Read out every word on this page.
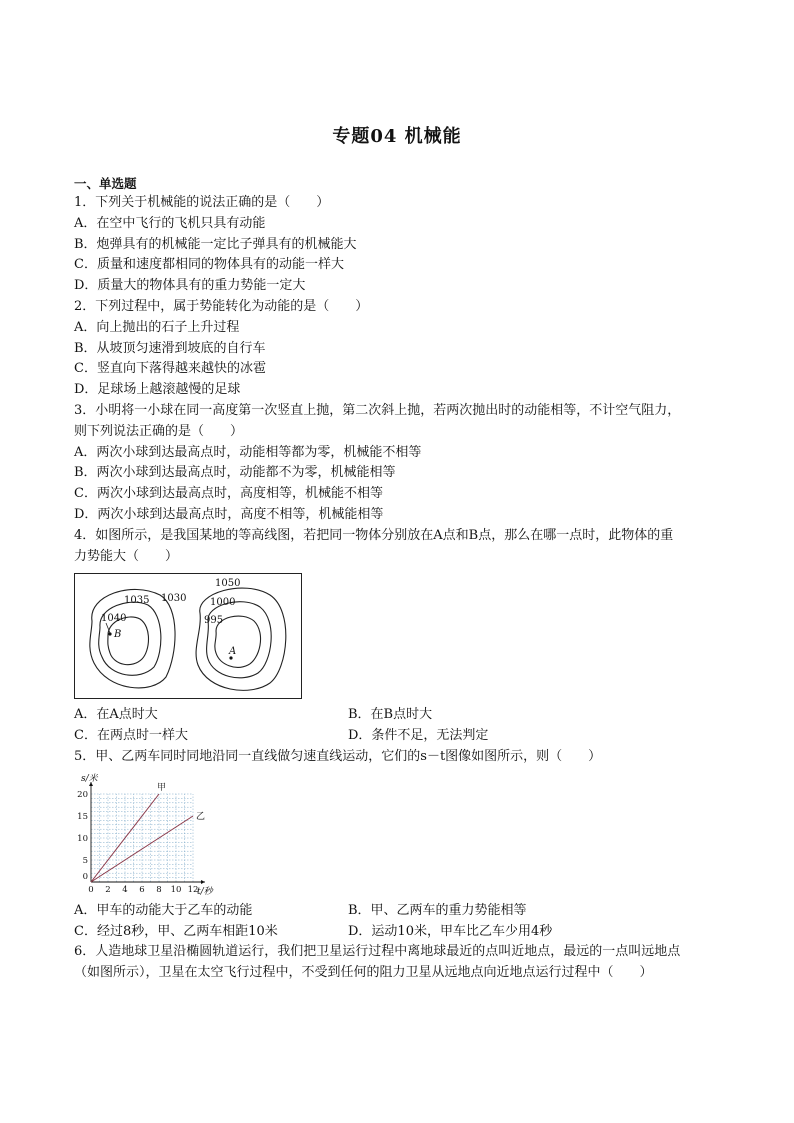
专题04 机械能
一、单选题
1．下列关于机械能的说法正确的是（　　）
A．在空中飞行的飞机只具有动能
B．炮弹具有的机械能一定比子弹具有的机械能大
C．质量和速度都相同的物体具有的动能一样大
D．质量大的物体具有的重力势能一定大
2．下列过程中，属于势能转化为动能的是（　　）
A．向上抛出的石子上升过程
B．从坡顶匀速滑到坡底的自行车
C．竖直向下落得越来越快的冰雹
D．足球场上越滚越慢的足球
3．小明将一小球在同一高度第一次竖直上抛，第二次斜上抛，若两次抛出时的动能相等，不计空气阻力，
则下列说法正确的是（　　）
A．两次小球到达最高点时，动能相等都为零，机械能不相等
B．两次小球到达最高点时，动能都不为零，机械能相等
C．两次小球到达最高点时，高度相等，机械能不相等
D．两次小球到达最高点时，高度不相等，机械能相等
4．如图所示，是我国某地的等高线图，若把同一物体分别放在A点和B点，那么在哪一点时，此物体的重
力势能大（　　）
1050
1035 1030 1000
1040	995
B
A
A．在A点时大	B．在B点时大
C．在两点时一样大	D．条件不足，无法判定
5．甲、乙两车同时同地沿同一直线做匀速直线运动，它们的s－t图像如图所示，则（　　）
0 2 4 6 8 10 12
5
10
15
20
0
甲
乙
s/米
t/秒
A．甲车的动能大于乙车的动能	B．甲、乙两车的重力势能相等
C．经过8秒，甲、乙两车相距10米	D．运动10米，甲车比乙车少用4秒
6．人造地球卫星沿椭圆轨道运行，我们把卫星运行过程中离地球最近的点叫近地点，最远的一点叫远地点
（如图所示），卫星在太空飞行过程中，不受到任何的阻力卫星从远地点向近地点运行过程中（　　）
